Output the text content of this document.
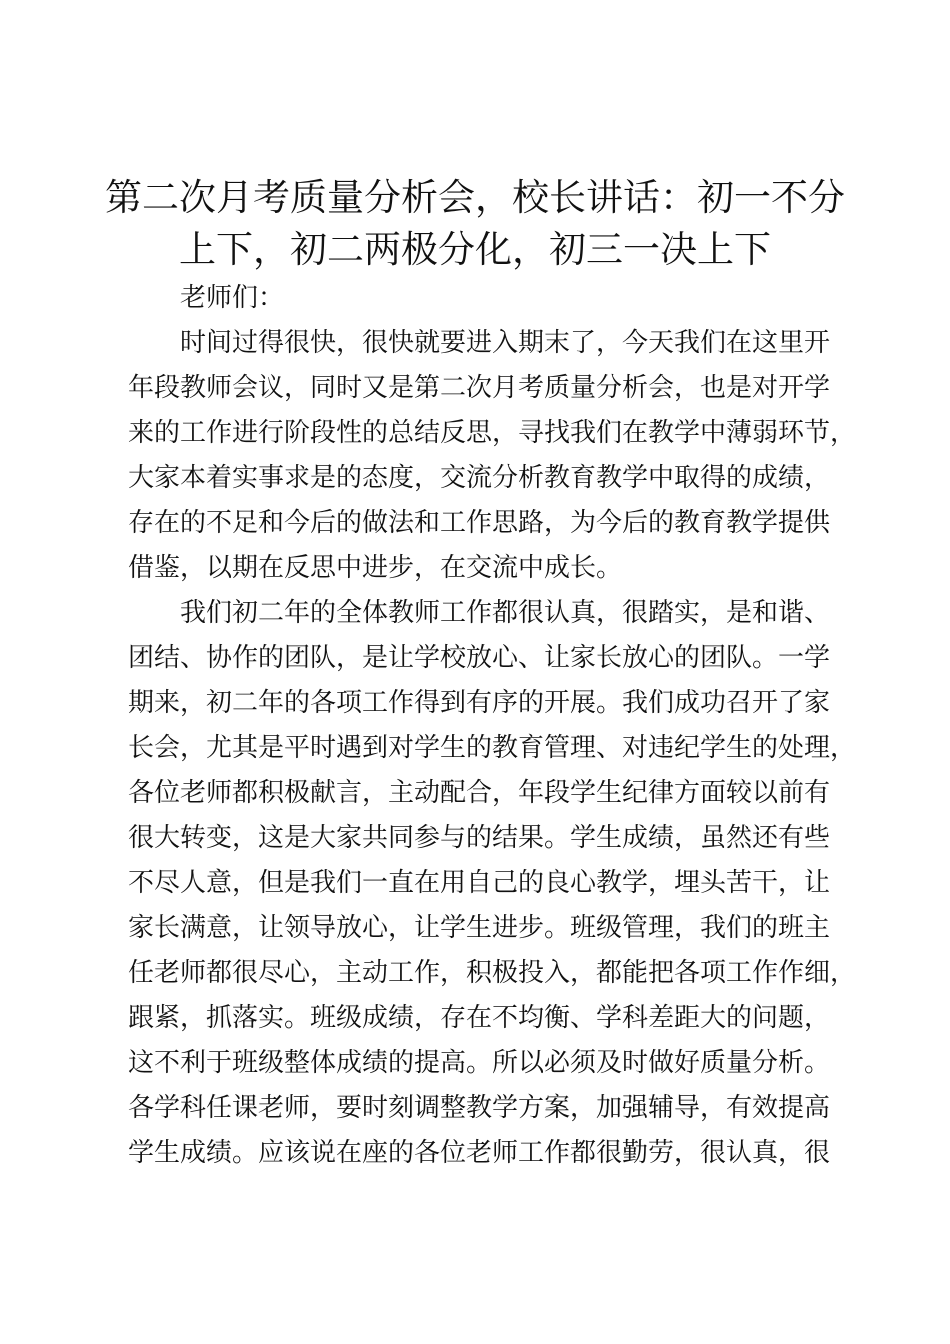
第二次月考质量分析会，校长讲话：初一不分
上下，初二两极分化，初三一决上下
老师们：
时间过得很快，很快就要进入期末了，今天我们在这里开
年段教师会议，同时又是第二次月考质量分析会，也是对开学
来的工作进行阶段性的总结反思，寻找我们在教学中薄弱环节，
大家本着实事求是的态度，交流分析教育教学中取得的成绩，
存在的不足和今后的做法和工作思路，为今后的教育教学提供
借鉴，以期在反思中进步，在交流中成长。
我们初二年的全体教师工作都很认真，很踏实，是和谐、
团结、协作的团队，是让学校放心、让家长放心的团队。一学
期来，初二年的各项工作得到有序的开展。我们成功召开了家
长会，尤其是平时遇到对学生的教育管理、对违纪学生的处理，
各位老师都积极献言，主动配合，年段学生纪律方面较以前有
很大转变，这是大家共同参与的结果。学生成绩，虽然还有些
不尽人意，但是我们一直在用自己的良心教学，埋头苦干，让
家长满意，让领导放心，让学生进步。班级管理，我们的班主
任老师都很尽心，主动工作，积极投入，都能把各项工作作细，
跟紧，抓落实。班级成绩，存在不均衡、学科差距大的问题，
这不利于班级整体成绩的提高。所以必须及时做好质量分析。
各学科任课老师，要时刻调整教学方案，加强辅导，有效提高
学生成绩。应该说在座的各位老师工作都很勤劳，很认真，很
